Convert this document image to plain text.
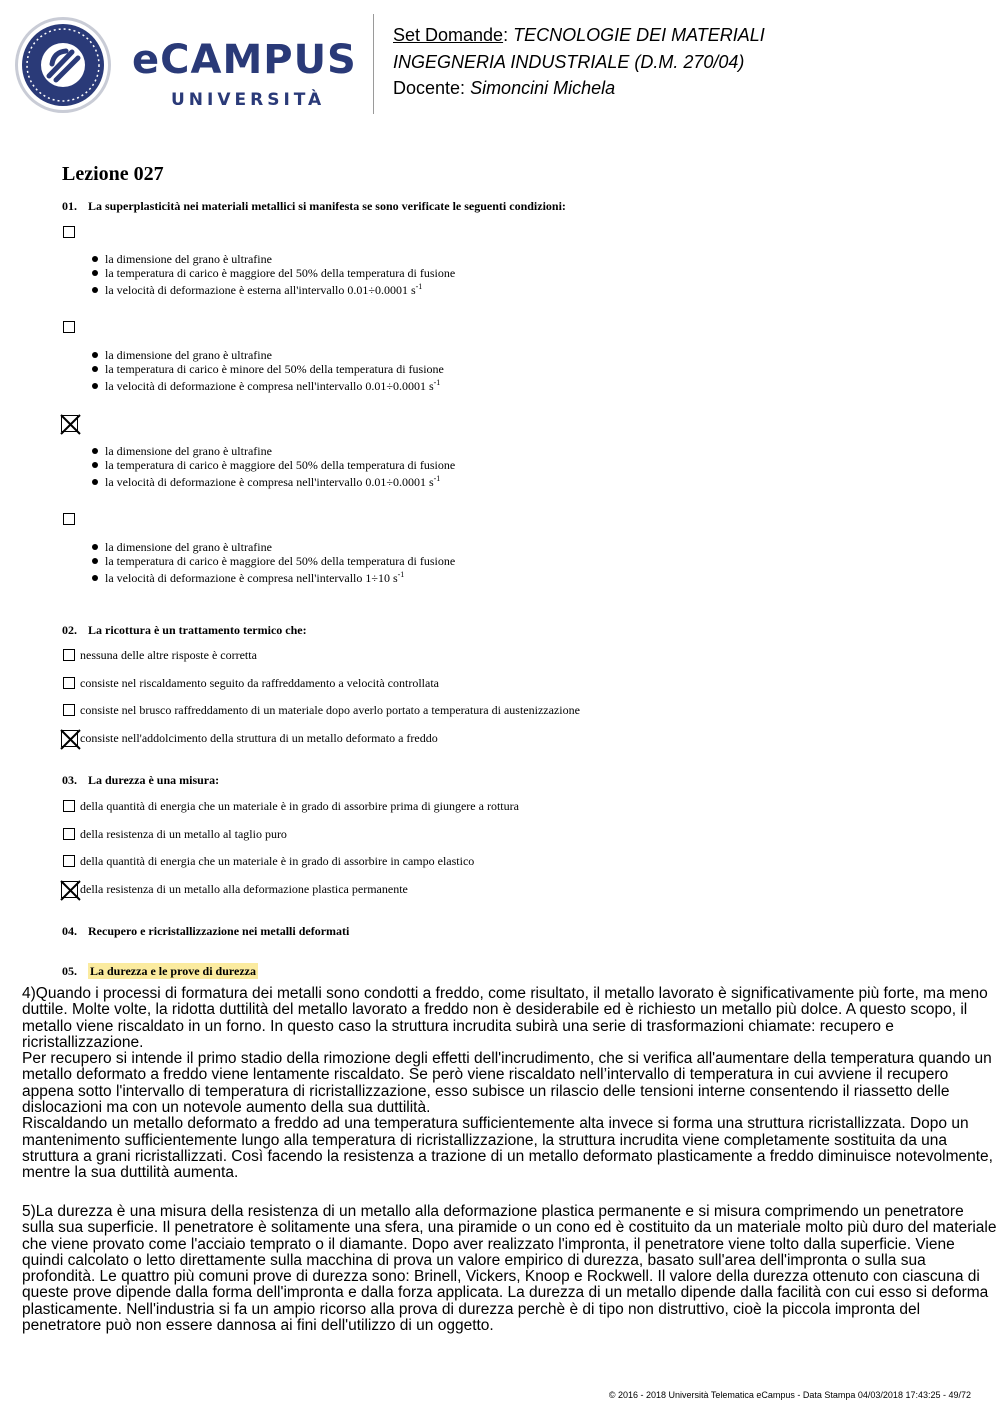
eCAMPUS
UNIVERSITÀ
Set Domande: TECNOLOGIE DEI MATERIALI
INGEGNERIA INDUSTRIALE (D.M. 270/04)
Docente: Simoncini Michela
Lezione 027
01. La superplasticità nei materiali metallici si manifesta se sono verificate le seguenti condizioni:
la dimensione del grano è ultrafine
la temperatura di carico è maggiore del 50% della temperatura di fusione
la velocità di deformazione è esterna all'intervallo 0.01÷0.0001 $s^{-1}$
la dimensione del grano è ultrafine
la temperatura di carico è minore del 50% della temperatura di fusione
la velocità di deformazione è compresa nell'intervallo 0.01÷0.0001 $s^{-1}$
la dimensione del grano è ultrafine
la temperatura di carico è maggiore del 50% della temperatura di fusione
la velocità di deformazione è compresa nell'intervallo 0.01÷0.0001 $s^{-1}$
la dimensione del grano è ultrafine
la temperatura di carico è maggiore del 50% della temperatura di fusione
la velocità di deformazione è compresa nell'intervallo 1÷10 $s^{-1}$
02. La ricottura è un trattamento termico che:
nessuna delle altre risposte è corretta
consiste nel riscaldamento seguito da raffreddamento a velocità controllata
consiste nel brusco raffreddamento di un materiale dopo averlo portato a temperatura di austenizzazione
consiste nell'addolcimento della struttura di un metallo deformato a freddo
03. La durezza è una misura:
della quantità di energia che un materiale è in grado di assorbire prima di giungere a rottura
della resistenza di un metallo al taglio puro
della quantità di energia che un materiale è in grado di assorbire in campo elastico
della resistenza di un metallo alla deformazione plastica permanente
04. Recupero e ricristallizzazione nei metalli deformati
05. La durezza e le prove di durezza

4)Quando i processi di formatura dei metalli sono condotti a freddo, come risultato, il metallo lavorato è significativamente più forte, ma meno duttile. Molte volte, la ridotta duttilità del metallo lavorato a freddo non è desiderabile ed è richiesto un metallo più dolce. A questo scopo, il metallo viene riscaldato in un forno. In questo caso la struttura incrudita subirà una serie di trasformazioni chiamate: recupero e ricristallizzazione.

Per recupero si intende il primo stadio della rimozione degli effetti dell'incrudimento, che si verifica all'aumentare della temperatura quando un metallo deformato a freddo viene lentamente riscaldato. Se però viene riscaldato nell’intervallo di temperatura in cui avviene il recupero appena sotto l'intervallo di temperatura di ricristallizzazione, esso subisce un rilascio delle tensioni interne consentendo il riassetto delle dislocazioni ma con un notevole aumento della sua duttilità.

Riscaldando un metallo deformato a freddo ad una temperatura sufficientemente alta invece si forma una struttura ricristallizzata. Dopo un mantenimento sufficientemente lungo alla temperatura di ricristallizzazione, la struttura incrudita viene completamente sostituita da una struttura a grani ricristallizzati. Così facendo la resistenza a trazione di un metallo deformato plasticamente a freddo diminuisce notevolmente, mentre la sua duttilità aumenta.

5)La durezza è una misura della resistenza di un metallo alla deformazione plastica permanente e si misura comprimendo un penetratore sulla sua superficie. Il penetratore è solitamente una sfera, una piramide o un cono ed è costituito da un materiale molto più duro del materiale che viene provato come l'acciaio temprato o il diamante. Dopo aver realizzato l'impronta, il penetratore viene tolto dalla superficie. Viene quindi calcolato o letto direttamente sulla macchina di prova un valore empirico di durezza, basato sull'area dell'impronta o sulla sua profondità. Le quattro più comuni prove di durezza sono: Brinell, Vickers, Knoop e Rockwell. Il valore della durezza ottenuto con ciascuna di queste prove dipende dalla forma dell'impronta e dalla forza applicata. La durezza di un metallo dipende dalla facilità con cui esso si deforma plasticamente. Nell'industria si fa un ampio ricorso alla prova di durezza perchè è di tipo non distruttivo, cioè la piccola impronta del penetratore può non essere dannosa ai fini dell'utilizzo di un oggetto.

© 2016 - 2018 Università Telematica eCampus - Data Stampa 04/03/2018 17:43:25 - 49/72
